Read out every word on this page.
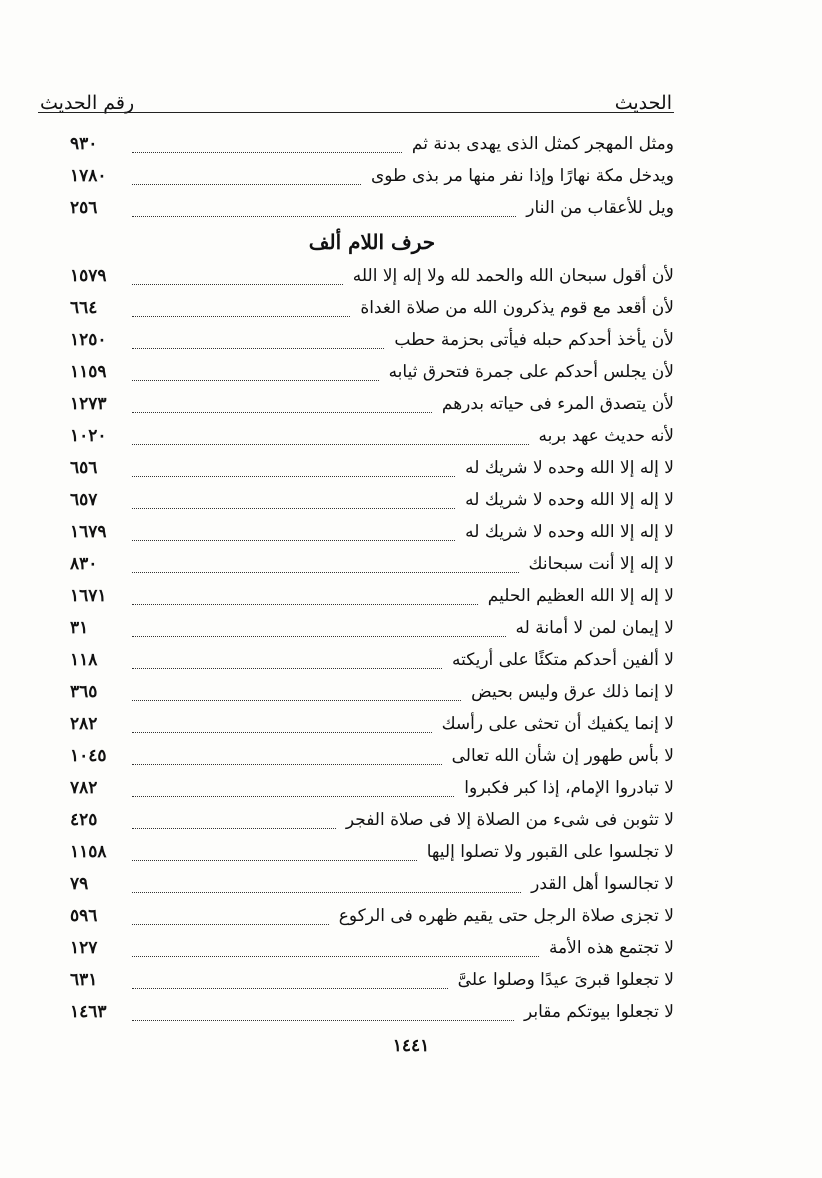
رقم الحديث	الحديث
ومثل المهجر كمثل الذى يهدى بدنة ثم
٩٣٠
ويدخل مكة نهارًا وإذا نفر منها مر بذى طوى
١٧٨٠
ويل للأعقاب من النار
٢٥٦
حرف اللام ألف
لأن أقول سبحان الله والحمد لله ولا إله إلا الله
١٥٧٩
لأن أقعد مع قوم يذكرون الله من صلاة الغداة
٦٦٤
لأن يأخذ أحدكم حبله فيأتى بحزمة حطب
١٢٥٠
لأن يجلس أحدكم على جمرة فتحرق ثيابه
١١٥٩
لأن يتصدق المرء فى حياته بدرهم
١٢٧٣
لأنه حديث عهد بربه
١٠٢٠
لا إله إلا الله وحده لا شريك له
٦٥٦
لا إله إلا الله وحده لا شريك له
٦٥٧
لا إله إلا الله وحده لا شريك له
١٦٧٩
لا إله إلا أنت سبحانك
٨٣٠
لا إله إلا الله العظيم الحليم
١٦٧١
لا إيمان لمن لا أمانة له
٣١
لا ألفين أحدكم متكئًا على أريكته
١١٨
لا إنما ذلك عرق وليس بحيض
٣٦٥
لا إنما يكفيك أن تحثى على رأسك
٢٨٢
لا بأس طهور إن شأن الله تعالى
١٠٤٥
لا تبادروا الإمام، إذا كبر فكبروا
٧٨٢
لا تثوبن فى شىء من الصلاة إلا فى صلاة الفجر
٤٢٥
لا تجلسوا على القبور ولا تصلوا إليها
١١٥٨
لا تجالسوا أهل القدر
٧٩
لا تجزى صلاة الرجل حتى يقيم ظهره فى الركوع
٥٩٦
لا تجتمع هذه الأمة
١٢٧
لا تجعلوا قبرىَ عيدًا وصلوا علىَّ
٦٣١
لا تجعلوا بيوتكم مقابر
١٤٦٣
١٤٤١
